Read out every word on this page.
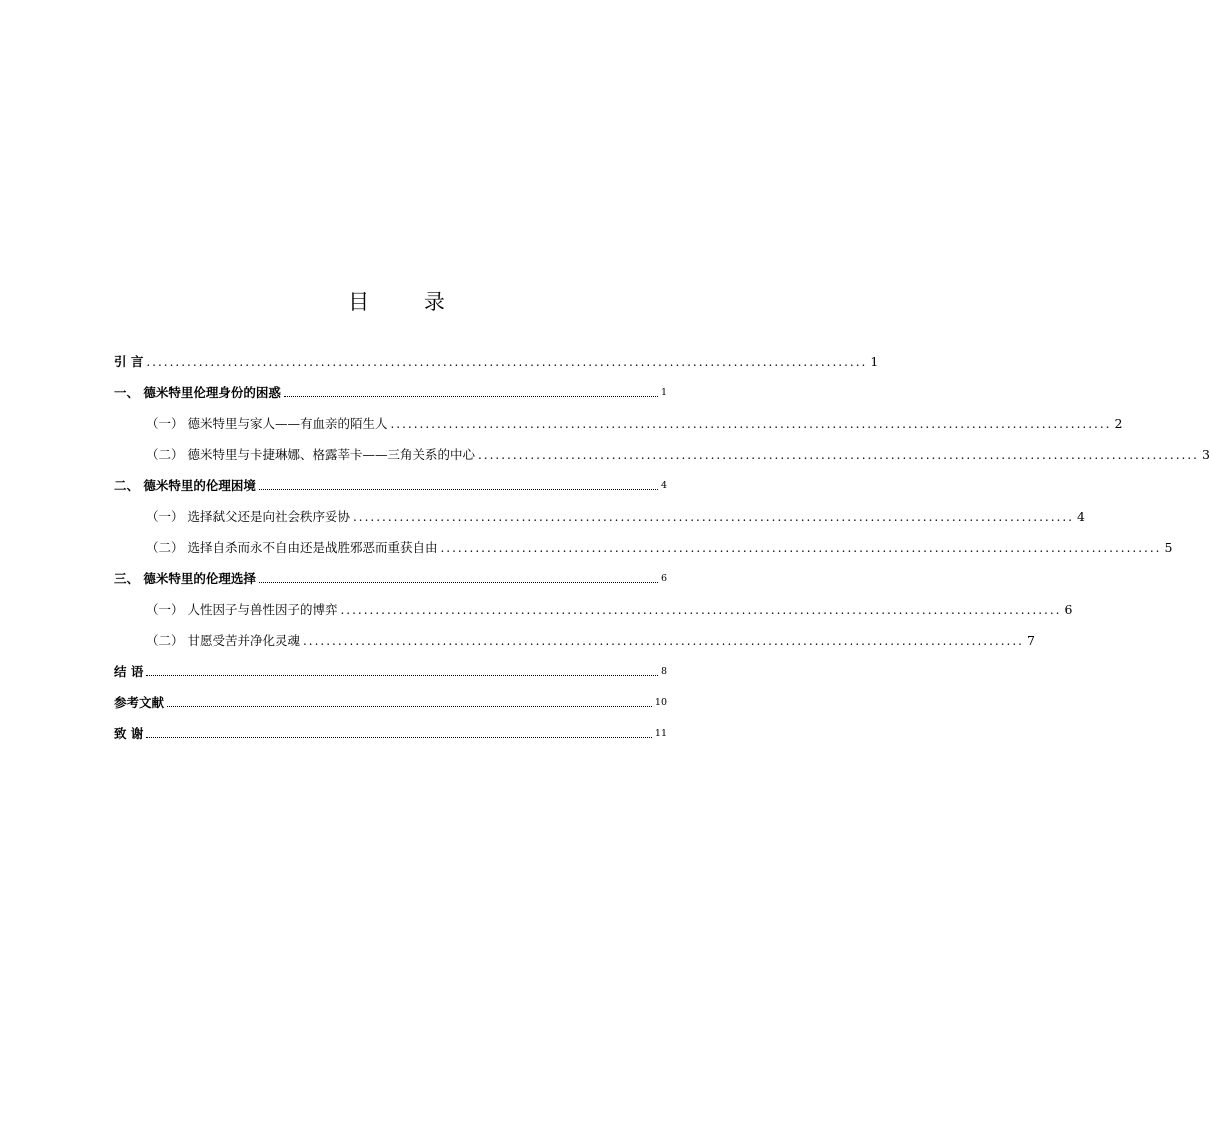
目 录
引 言 ............................................................................................................................ 1
一、 德米特里伦理身份的困惑	1
（一） 德米特里与家人——有血亲的陌生人 ............................................................................................................................ 2
（二） 德米特里与卡捷琳娜、格露莘卡——三角关系的中心 ............................................................................................................................ 3
二、 德米特里的伦理困境	4
（一） 选择弑父还是向社会秩序妥协 ............................................................................................................................ 4
（二） 选择自杀而永不自由还是战胜邪恶而重获自由 ............................................................................................................................ 5
三、 德米特里的伦理选择	6
（一） 人性因子与兽性因子的博弈 ............................................................................................................................ 6
（二） 甘愿受苦并净化灵魂 ............................................................................................................................ 7
结 语	8
参考文献	10
致 谢	11
